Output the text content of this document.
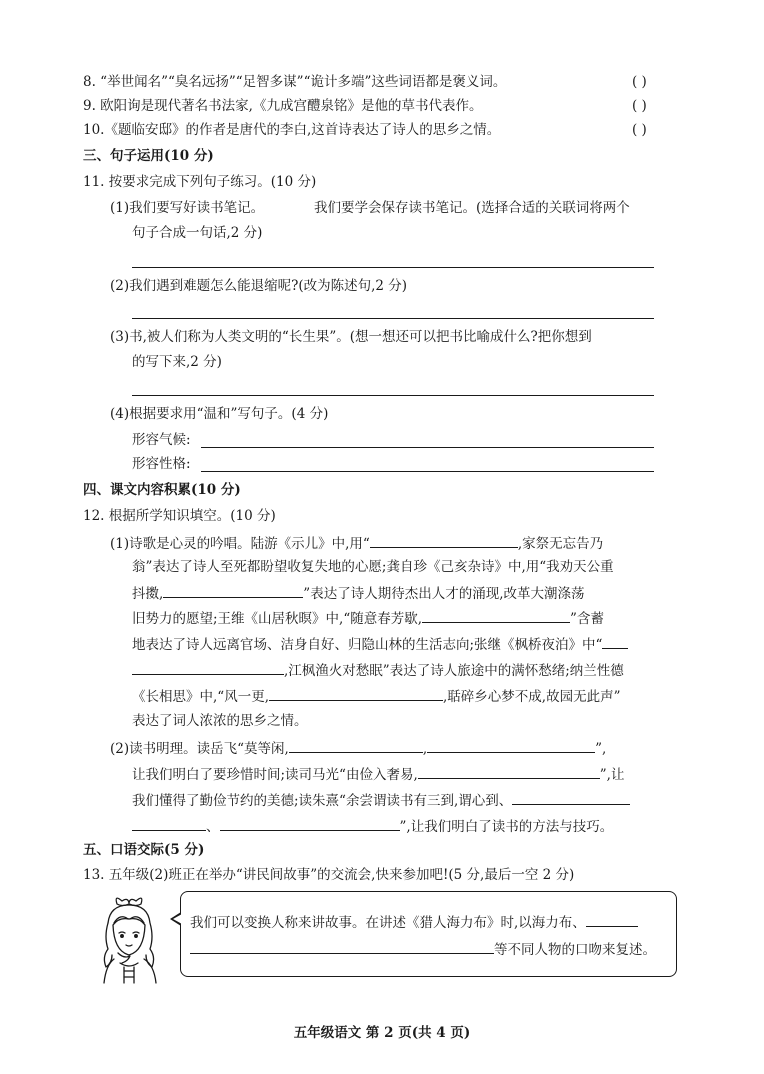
8. “举世闻名”“臭名远扬”“足智多谋”“诡计多端”这些词语都是褒义词。	( )
9. 欧阳询是现代著名书法家,《九成宫醴泉铭》是他的草书代表作。	( )
10.《题临安邸》的作者是唐代的李白,这首诗表达了诗人的思乡之情。	( )
三、句子运用(10 分)
11. 按要求完成下列句子练习。(10 分)
(1)我们要写好读书笔记。	我们要学会保存读书笔记。(选择合适的关联词将两个
句子合成一句话,2 分)
(2)我们遇到难题怎么能退缩呢?(改为陈述句,2 分)
(3)书,被人们称为人类文明的“长生果”。(想一想还可以把书比喻成什么?把你想到
的写下来,2 分)
(4)根据要求用“温和”写句子。(4 分)
形容气候:
形容性格:
四、课文内容积累(10 分)
12. 根据所学知识填空。(10 分)
(1)诗歌是心灵的吟唱。陆游《示儿》中,用“	,家祭无忘告乃
翁”表达了诗人至死都盼望收复失地的心愿;龚自珍《己亥杂诗》中,用“我劝天公重
抖擞,	”表达了诗人期待杰出人才的涌现,改革大潮涤荡
旧势力的愿望;王维《山居秋暝》中,“随意春芳歇,	”含蓄
地表达了诗人远离官场、洁身自好、归隐山林的生活志向;张继《枫桥夜泊》中“
,江枫渔火对愁眠”表达了诗人旅途中的满怀愁绪;纳兰性德
《长相思》中,“风一更,	,聒碎乡心梦不成,故园无此声”
表达了词人浓浓的思乡之情。
(2)读书明理。读岳飞“莫等闲,	,	”,
让我们明白了要珍惜时间;读司马光“由俭入奢易,	”,让
我们懂得了勤俭节约的美德;读朱熹“余尝谓读书有三到,谓心到、
、	”,让我们明白了读书的方法与技巧。
五、口语交际(5 分)
13. 五年级(2)班正在举办“讲民间故事”的交流会,快来参加吧!(5 分,最后一空 2 分)
我们可以变换人称来讲故事。在讲述《猎人海力布》时,以海力布、
等不同人物的口吻来复述。
五年级语文 第 2 页(共 4 页)
